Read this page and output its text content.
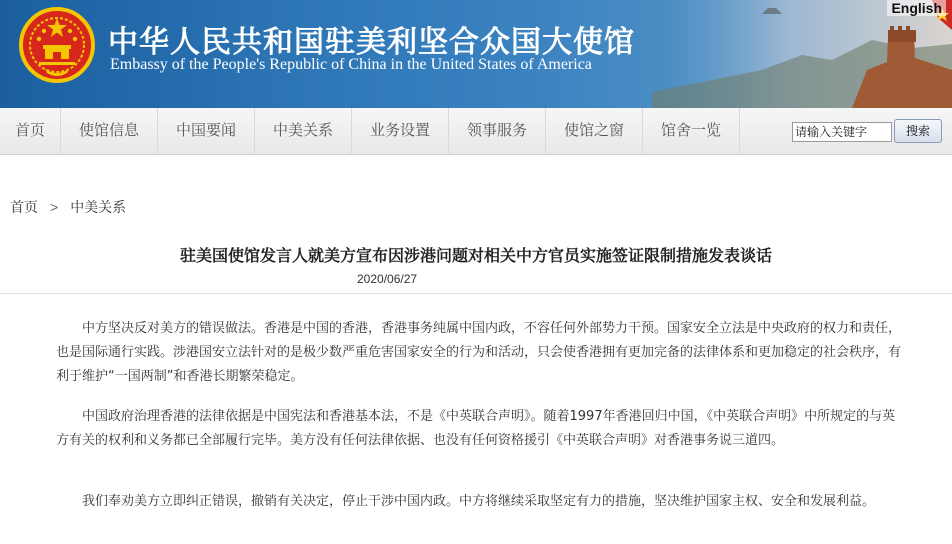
中华人民共和国驻美利坚合众国大使馆
Embassy of the People's Republic of China in the United States of America
English
首页	使馆信息	中国要闻	中美关系	业务设置	领事服务	使馆之窗	馆舍一览	请输入关键字	搜索
首页 > 中美关系
驻美国使馆发言人就美方宣布因涉港问题对相关中方官员实施签证限制措施发表谈话
2020/06/27

中方坚决反对美方的错误做法。香港是中国的香港，香港事务纯属中国内政，不容任何外部势力干预。国家安全立法是中央政府的权力和责任，也是国际通行实践。涉港国安立法针对的是极少数严重危害国家安全的行为和活动，只会使香港拥有更加完备的法律体系和更加稳定的社会秩序，有利于维护“一国两制”和香港长期繁荣稳定。

中国政府治理香港的法律依据是中国宪法和香港基本法，不是《中英联合声明》。随着1997年香港回归中国，《中英联合声明》中所规定的与英方有关的权利和义务都已全部履行完毕。美方没有任何法律依据、也没有任何资格援引《中英联合声明》对香港事务说三道四。

我们奉劝美方立即纠正错误，撤销有关决定，停止干涉中国内政。中方将继续采取坚定有力的措施，坚决维护国家主权、安全和发展利益。
